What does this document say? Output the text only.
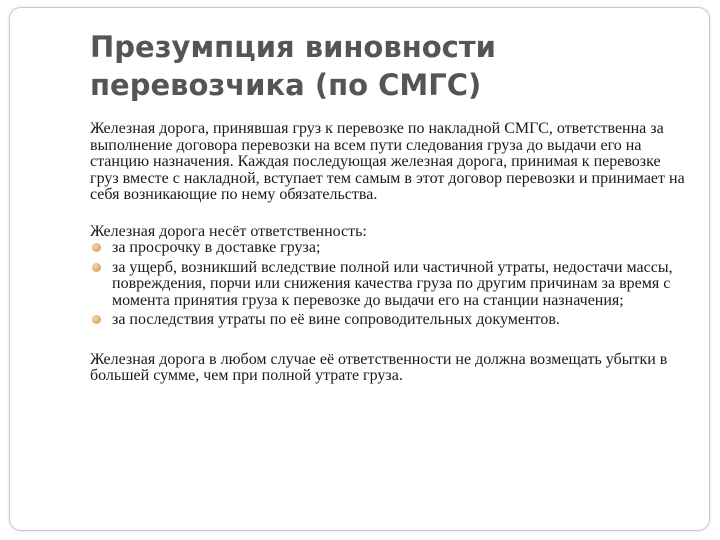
Презумпция виновности перевозчика (по СМГС)

Железная дорога, принявшая груз к перевозке по накладной СМГС, ответственна за выполнение договора перевозки на всем пути следования груза до выдачи его на станцию назначения. Каждая последующая железная дорога, принимая к перевозке груз вместе с накладной, вступает тем самым в этот договор перевозки и принимает на себя возникающие по нему обязательства.

Железная дорога несёт ответственность:

за просрочку в доставке груза;
за ущерб, возникший вследствие полной или частичной утраты, недостачи массы, повреждения, порчи или снижения качества груза по другим причинам за время с момента принятия груза к перевозке до выдачи его на станции назначения;
за последствия утраты по её вине сопроводительных документов.

Железная дорога в любом случае её ответственности не должна возмещать убытки в большей сумме, чем при полной утрате груза.
